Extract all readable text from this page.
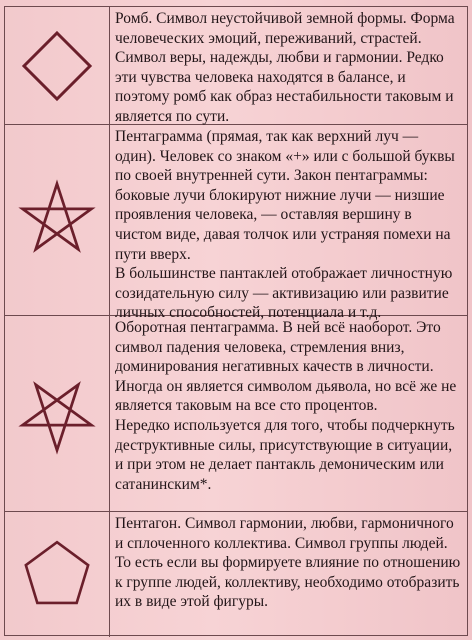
Ромб. Символ неустойчивой земной формы. Форма человеческих эмоций, переживаний, страстей. Символ веры, надежды, любви и гармонии. Редко эти чувства человека находятся в балансе, и поэтому ромб как образ нестабильности таковым и является по сути.

Пентаграмма (прямая, так как верхний луч — один). Человек со знаком «+» или с большой буквы по своей внутренней сути. Закон пентаграммы: боковые лучи блокируют нижние лучи — низшие проявления человека, — оставляя вершину в чистом виде, давая толчок или устраняя помехи на пути вверх.

В большинстве пантаклей отображает личностную созидательную силу — активизацию или развитие личных способностей, потенциала и т.д.

Оборотная пентаграмма. В ней всё наоборот. Это символ падения человека, стремления вниз, доминирования негативных качеств в личности. Иногда он является символом дьявола, но всё же не является таковым на все сто процентов.

Нередко используется для того, чтобы подчеркнуть деструктивные силы, присутствующие в ситуации, и при этом не делает пантакль демоническим или сатанинским*.

Пентагон. Символ гармонии, любви, гармоничного и сплоченного коллектива. Символ группы людей.

То есть если вы формируете влияние по отношению к группе людей, коллективу, необходимо отобразить их в виде этой фигуры.
